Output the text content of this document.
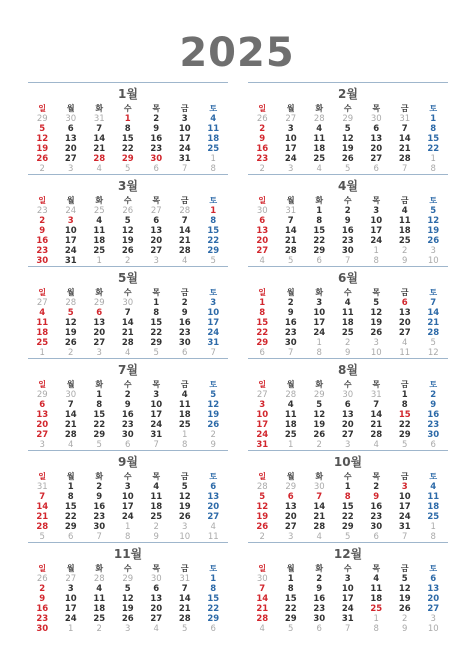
2025
1월
일	월	화	수	목	금	토
29	30	31	1	2	3	4
5	6	7	8	9	10	11
12	13	14	15	16	17	18
19	20	21	22	23	24	25
26	27	28	29	30	31	1
2	3	4	5	6	7	8
2월
일	월	화	수	목	금	토
26	27	28	29	30	31	1
2	3	4	5	6	7	8
9	10	11	12	13	14	15
16	17	18	19	20	21	22
23	24	25	26	27	28	1
2	3	4	5	6	7	8
3월
일	월	화	수	목	금	토
23	24	25	26	27	28	1
2	3	4	5	6	7	8
9	10	11	12	13	14	15
16	17	18	19	20	21	22
23	24	25	26	27	28	29
30	31	1	2	3	4	5
4월
일	월	화	수	목	금	토
30	31	1	2	3	4	5
6	7	8	9	10	11	12
13	14	15	16	17	18	19
20	21	22	23	24	25	26
27	28	29	30	1	2	3
4	5	6	7	8	9	10
5월
일	월	화	수	목	금	토
27	28	29	30	1	2	3
4	5	6	7	8	9	10
11	12	13	14	15	16	17
18	19	20	21	22	23	24
25	26	27	28	29	30	31
1	2	3	4	5	6	7
6월
일	월	화	수	목	금	토
1	2	3	4	5	6	7
8	9	10	11	12	13	14
15	16	17	18	19	20	21
22	23	24	25	26	27	28
29	30	1	2	3	4	5
6	7	8	9	10	11	12
7월
일	월	화	수	목	금	토
29	30	1	2	3	4	5
6	7	8	9	10	11	12
13	14	15	16	17	18	19
20	21	22	23	24	25	26
27	28	29	30	31	1	2
3	4	5	6	7	8	9
8월
일	월	화	수	목	금	토
27	28	29	30	31	1	2
3	4	5	6	7	8	9
10	11	12	13	14	15	16
17	18	19	20	21	22	23
24	25	26	27	28	29	30
31	1	2	3	4	5	6
9월
일	월	화	수	목	금	토
31	1	2	3	4	5	6
7	8	9	10	11	12	13
14	15	16	17	18	19	20
21	22	23	24	25	26	27
28	29	30	1	2	3	4
5	6	7	8	9	10	11
10월
일	월	화	수	목	금	토
28	29	30	1	2	3	4
5	6	7	8	9	10	11
12	13	14	15	16	17	18
19	20	21	22	23	24	25
26	27	28	29	30	31	1
2	3	4	5	6	7	8
11월
일	월	화	수	목	금	토
26	27	28	29	30	31	1
2	3	4	5	6	7	8
9	10	11	12	13	14	15
16	17	18	19	20	21	22
23	24	25	26	27	28	29
30	1	2	3	4	5	6
12월
일	월	화	수	목	금	토
30	1	2	3	4	5	6
7	8	9	10	11	12	13
14	15	16	17	18	19	20
21	22	23	24	25	26	27
28	29	30	31	1	2	3
4	5	6	7	8	9	10
